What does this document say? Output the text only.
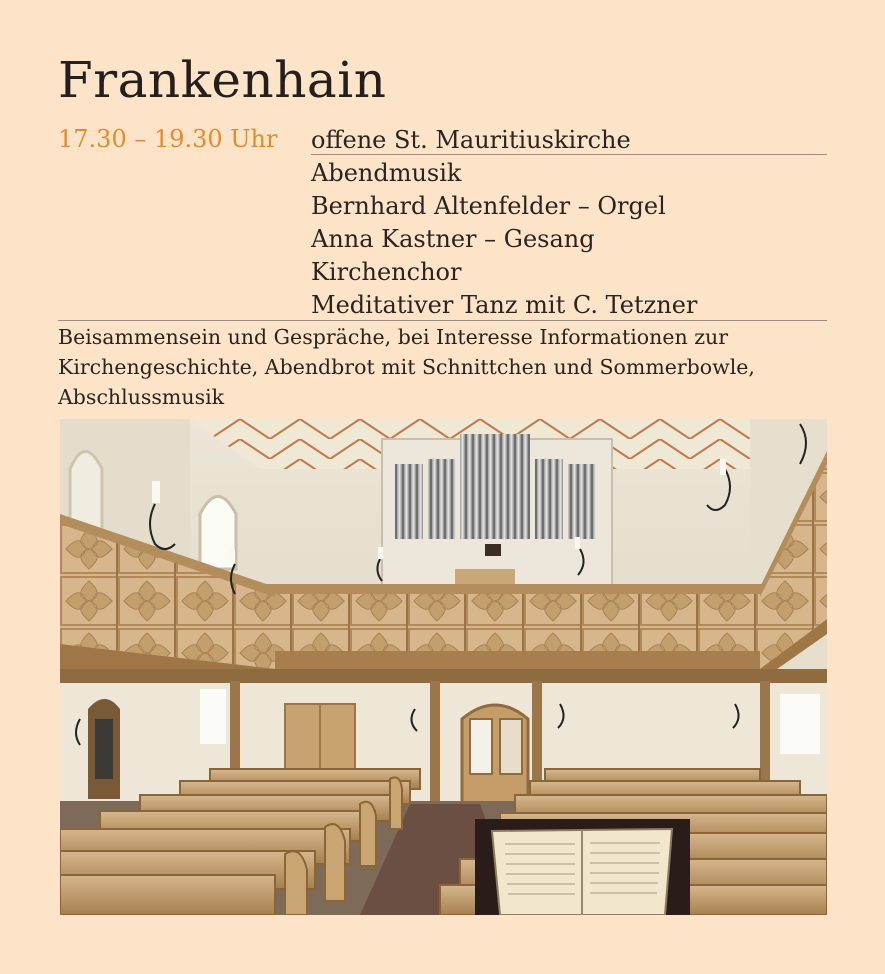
Frankenhain
17.30 – 19.30 Uhr offene St. Mauritiuskirche
Abendmusik
Bernhard Altenfelder – Orgel
Anna Kastner – Gesang
Kirchenchor
Meditativer Tanz mit C. Tetzner
Beisammensein und Gespräche, bei Interesse Informationen zur Kirchengeschichte, Abendbrot mit Schnittchen und Sommerbowle, Abschlussmusik
